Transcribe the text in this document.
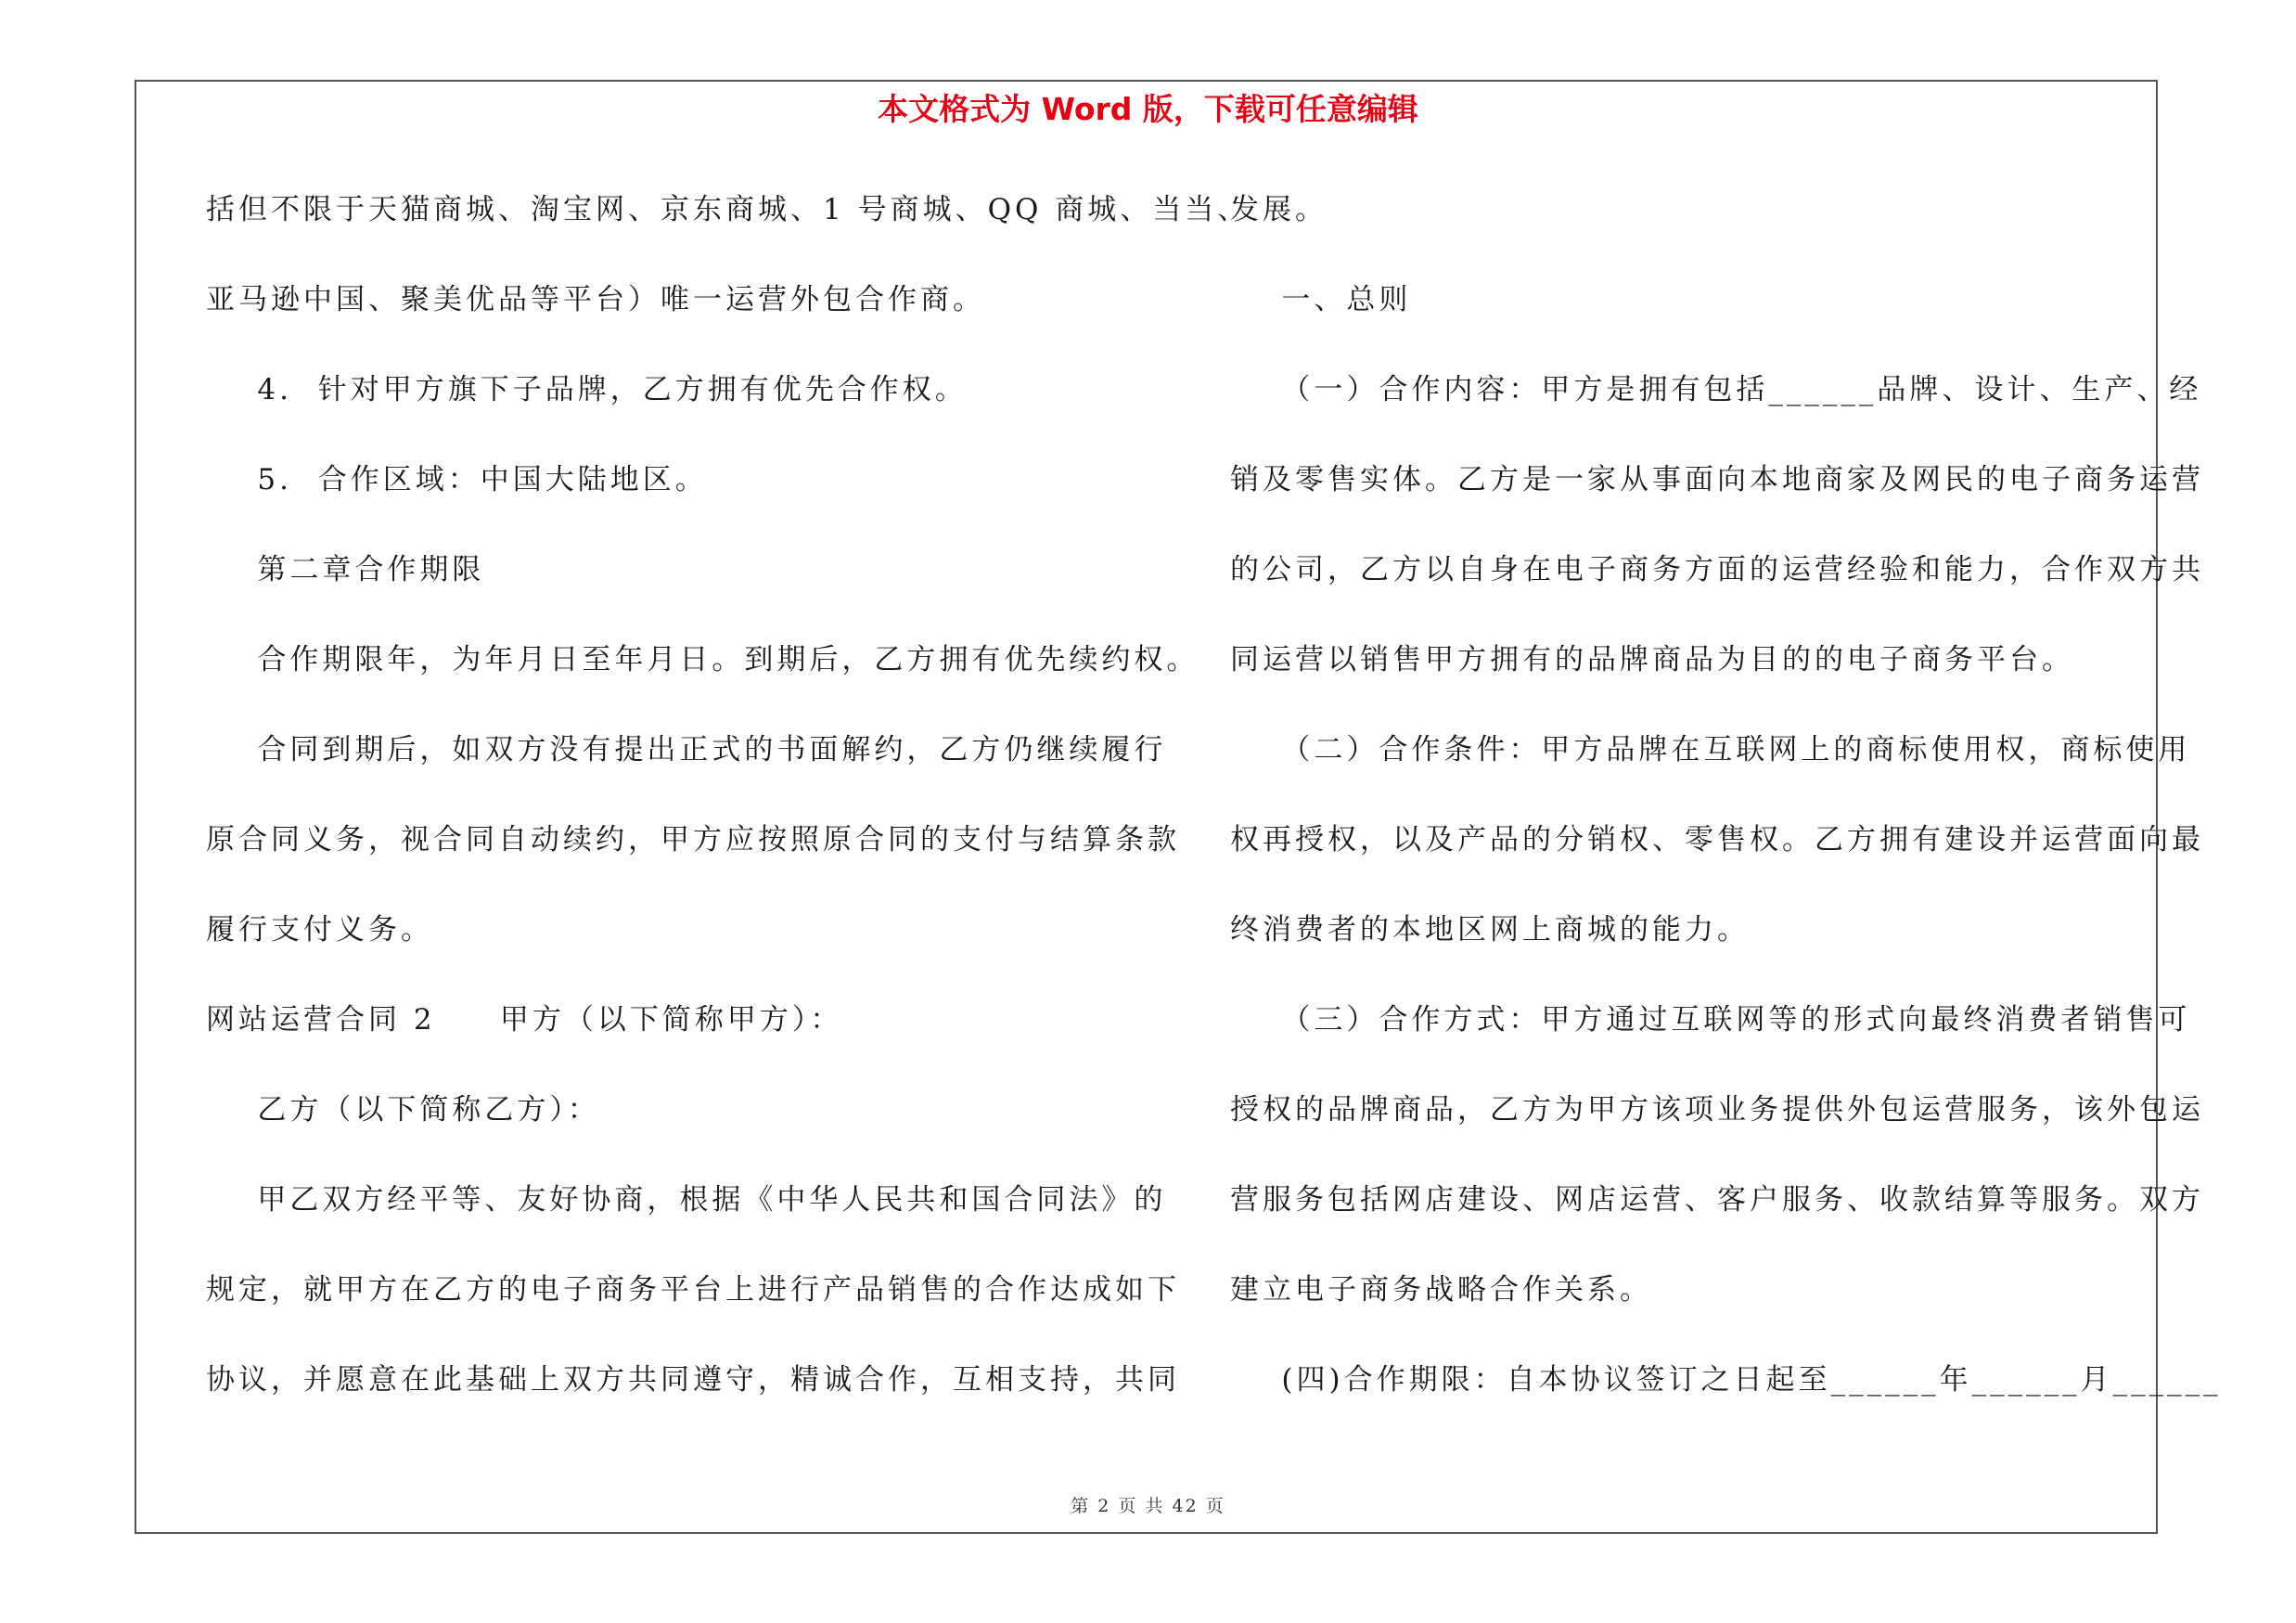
本文格式为 Word 版，下载可任意编辑
括但不限于天猫商城、淘宝网、京东商城、1 号商城、QQ 商城、当当、
亚马逊中国、聚美优品等平台）唯一运营外包合作商。
4.  针对甲方旗下子品牌，乙方拥有优先合作权。
5.  合作区域：中国大陆地区。
第二章合作期限
合作期限年，为年月日至年月日。到期后，乙方拥有优先续约权。
合同到期后，如双方没有提出正式的书面解约，乙方仍继续履行
原合同义务，视合同自动续约，甲方应按照原合同的支付与结算条款
履行支付义务。
网站运营合同 2     甲方（以下简称甲方）：
乙方（以下简称乙方）：
甲乙双方经平等、友好协商，根据《中华人民共和国合同法》的
规定，就甲方在乙方的电子商务平台上进行产品销售的合作达成如下
协议，并愿意在此基础上双方共同遵守，精诚合作，互相支持，共同
发展。
一、总则
（一）合作内容：甲方是拥有包括______品牌、设计、生产、经
销及零售实体。乙方是一家从事面向本地商家及网民的电子商务运营
的公司，乙方以自身在电子商务方面的运营经验和能力，合作双方共
同运营以销售甲方拥有的品牌商品为目的的电子商务平台。
（二）合作条件：甲方品牌在互联网上的商标使用权，商标使用
权再授权，以及产品的分销权、零售权。乙方拥有建设并运营面向最
终消费者的本地区网上商城的能力。
（三）合作方式：甲方通过互联网等的形式向最终消费者销售可
授权的品牌商品，乙方为甲方该项业务提供外包运营服务，该外包运
营服务包括网店建设、网店运营、客户服务、收款结算等服务。双方
建立电子商务战略合作关系。
(四)合作期限：自本协议签订之日起至______年______月______
第 2 页 共 42 页
